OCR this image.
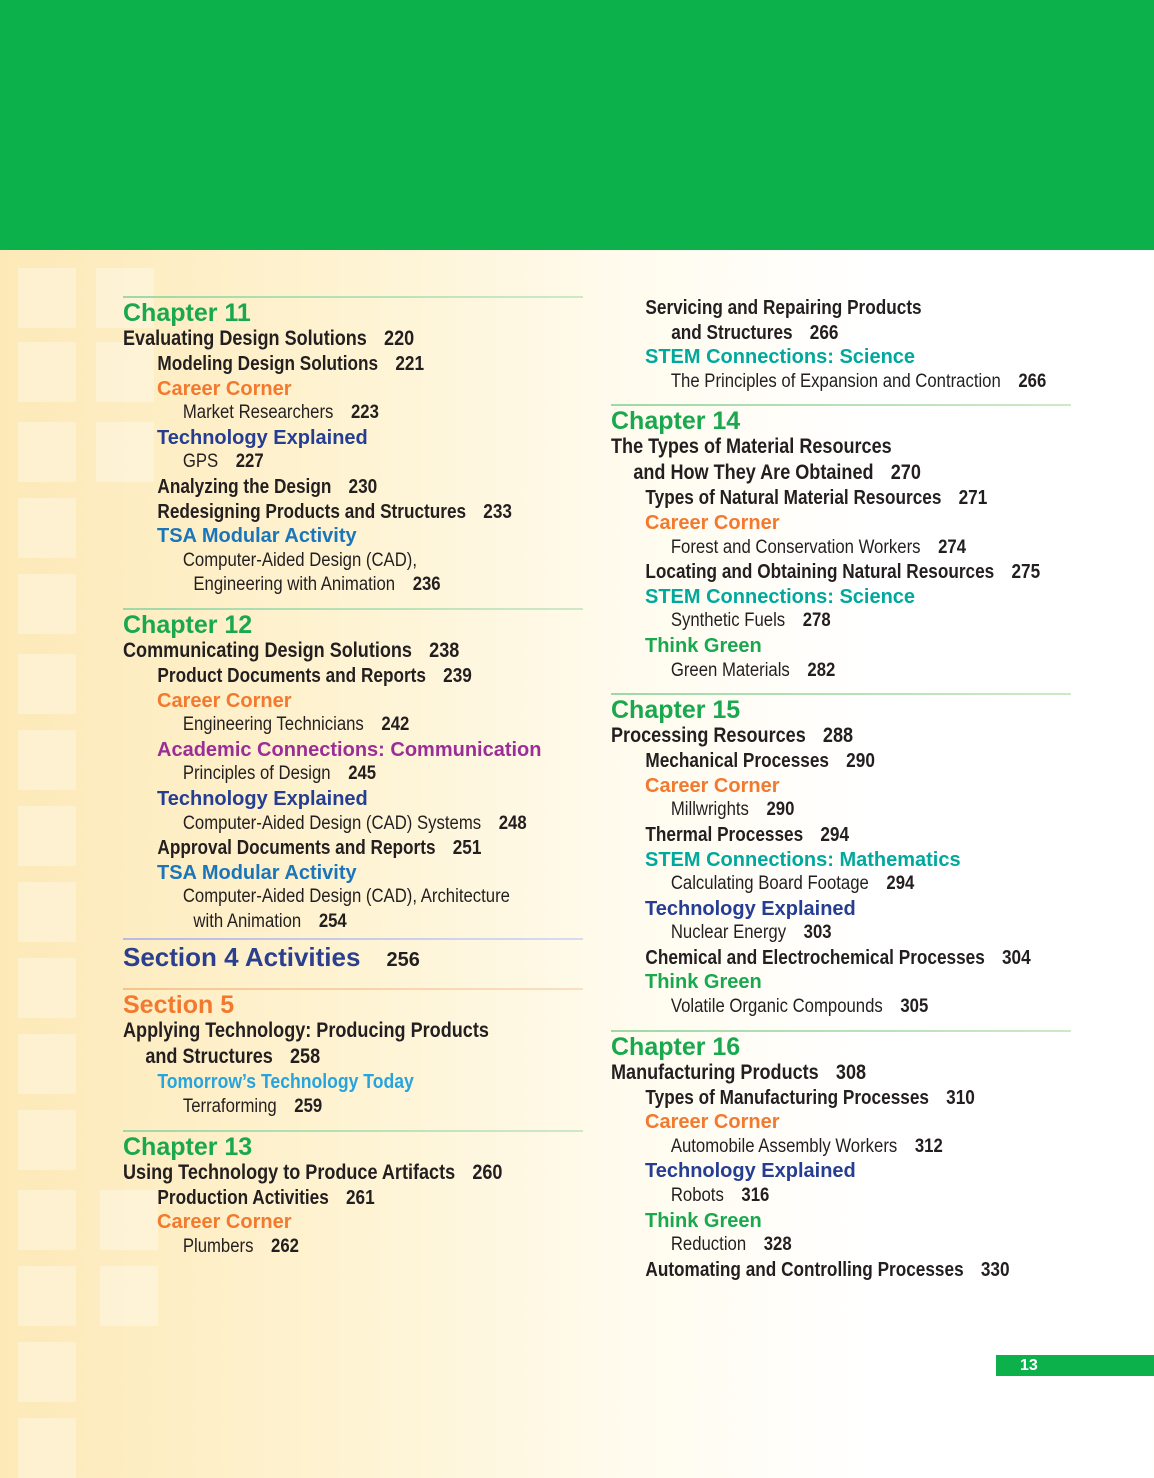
Chapter 11
Evaluating Design Solutions 220
Modeling Design Solutions 221
Career Corner
Market Researchers 223
Technology Explained
GPS 227
Analyzing the Design 230
Redesigning Products and Structures 233
TSA Modular Activity
Computer-Aided Design (CAD),
Engineering with Animation 236
Chapter 12
Communicating Design Solutions 238
Product Documents and Reports 239
Career Corner
Engineering Technicians 242
Academic Connections: Communication
Principles of Design 245
Technology Explained
Computer-Aided Design (CAD) Systems 248
Approval Documents and Reports 251
TSA Modular Activity
Computer-Aided Design (CAD), Architecture
with Animation 254
Section 4 Activities 256
Section 5
Applying Technology: Producing Products
and Structures 258
Tomorrow’s Technology Today
Terraforming 259
Chapter 13
Using Technology to Produce Artifacts 260
Production Activities 261
Career Corner
Plumbers 262
Servicing and Repairing Products
and Structures 266
STEM Connections: Science
The Principles of Expansion and Contraction 266
Chapter 14
The Types of Material Resources
and How They Are Obtained 270
Types of Natural Material Resources 271
Career Corner
Forest and Conservation Workers 274
Locating and Obtaining Natural Resources 275
STEM Connections: Science
Synthetic Fuels 278
Think Green
Green Materials 282
Chapter 15
Processing Resources 288
Mechanical Processes 290
Career Corner
Millwrights 290
Thermal Processes 294
STEM Connections: Mathematics
Calculating Board Footage 294
Technology Explained
Nuclear Energy 303
Chemical and Electrochemical Processes 304
Think Green
Volatile Organic Compounds 305
Chapter 16
Manufacturing Products 308
Types of Manufacturing Processes 310
Career Corner
Automobile Assembly Workers 312
Technology Explained
Robots 316
Think Green
Reduction 328
Automating and Controlling Processes 330
13
